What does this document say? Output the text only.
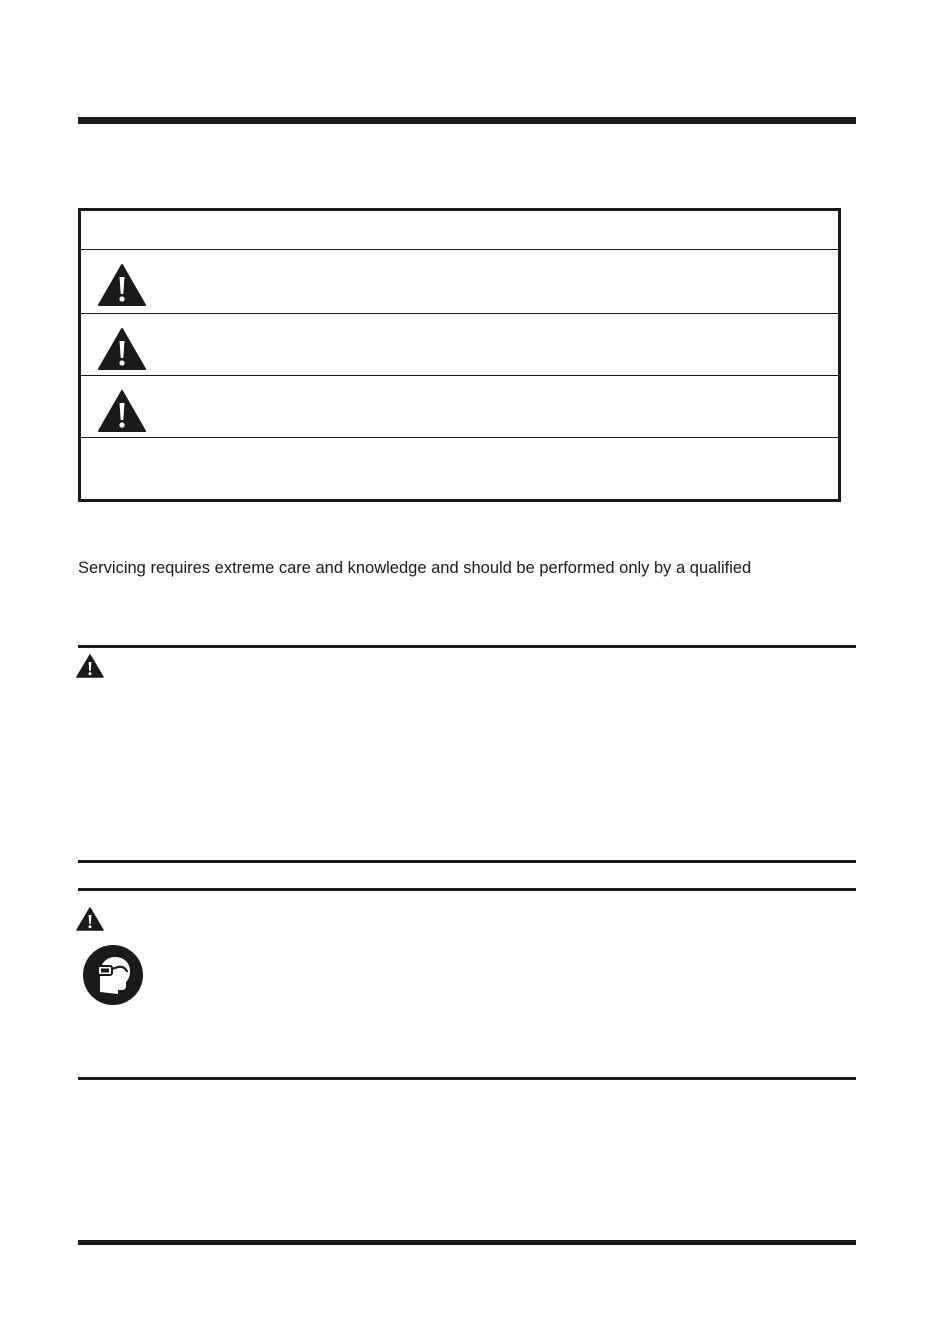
Servicing requires extreme care and knowledge and should be performed only by a qualified
